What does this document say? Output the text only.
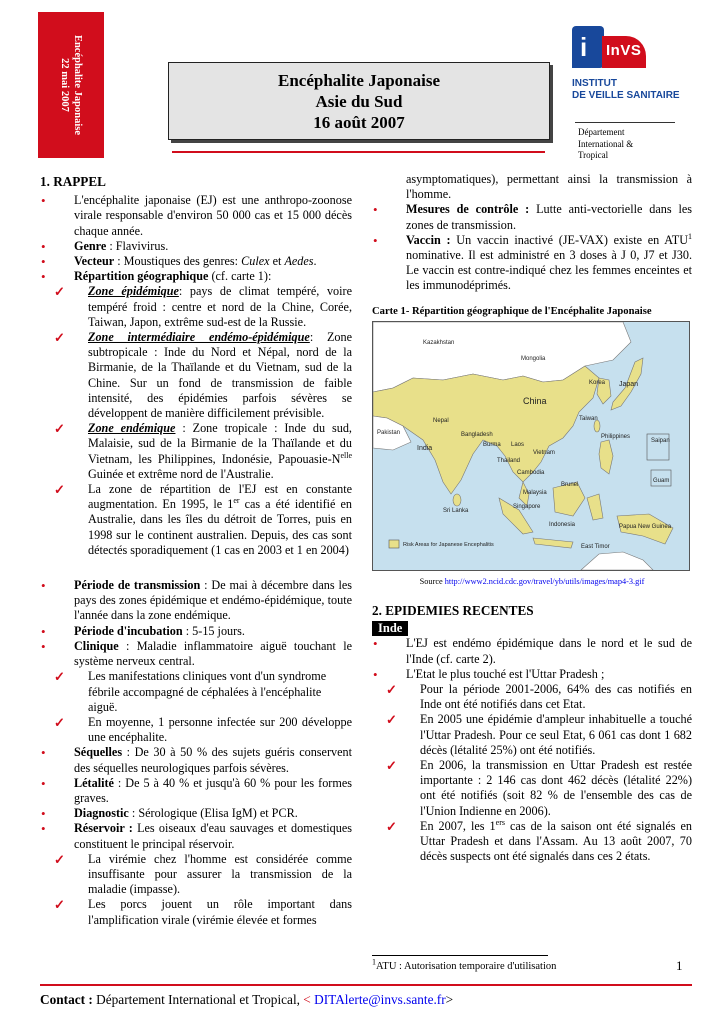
Encéphalite Japonaise
22 mai 2007	Encéphalite Japonaise
Asie du Sud
16 août 2007
i InVS
INSTITUT
DE VEILLE SANITAIRE
Département
International &
Tropical

1. RAPPEL

• L'encéphalite japonaise (EJ) est une anthropo-zoonose virale responsable d'environ 50 000 cas et 15 000 décès chaque année.

• Genre : Flavivirus.

• Vecteur : Moustiques des genres: Culex et Aedes.

• Répartition géographique (cf. carte 1):

✓ Zone épidémique: pays de climat tempéré, voire tempéré froid : centre et nord de la Chine, Corée, Taiwan, Japon, extrême sud-est de la Russie.

✓ Zone intermédiaire endémo-épidémique: Zone subtropicale : Inde du Nord et Népal, nord de la Birmanie, de la Thaïlande et du Vietnam, sud de la Chine. Sur un fond de transmission de faible intensité, des épidémies parfois sévères se développent de manière difficilement prévisible.

✓ Zone endémique : Zone tropicale : Inde du sud, Malaisie, sud de la Birmanie de la Thaïlande et du Vietnam, les Philippines, Indonésie, Papouasie-$N^{elle}$ Guinée et extrême nord de l'Australie.

✓ La zone de répartition de l'EJ est en constante augmentation. En 1995, le 1er cas a été identifié en Australie, dans les îles du détroit de Torres, puis en 1998 sur le continent australien. Depuis, des cas sont détectés sporadiquement (1 cas en 2003 et 1 en 2004)

• Période de transmission : De mai à décembre dans les pays des zones épidémique et endémo-épidémique, toute l'année dans la zone endémique.

• Période d'incubation : 5-15 jours.

• Clinique : Maladie inflammatoire aiguë touchant le système nerveux central.

✓ Les manifestations cliniques vont d'un syndrome fébrile accompagné de céphalées à l'encéphalite aiguë.

✓ En moyenne, 1 personne infectée sur 200 développe une encéphalite.

• Séquelles : De 30 à 50 % des sujets guéris conservent des séquelles neurologiques parfois sévères.

• Létalité : De 5 à 40 % et jusqu'à 60 % pour les formes graves.

• Diagnostic : Sérologique (Elisa IgM) et PCR.

• Réservoir : Les oiseaux d'eau sauvages et domestiques constituent le principal réservoir.

✓ La virémie chez l'homme est considérée comme insuffisante pour assurer la transmission de la maladie (impasse).

✓ Les porcs jouent un rôle important dans l'amplification virale (virémie élevée et formes

asymptomatiques), permettant ainsi la transmission à l'homme.

• Mesures de contrôle : Lutte anti-vectorielle dans les zones de transmission.

• Vaccin : Un vaccin inactivé (JE-VAX) existe en ATU$^1$ nominative. Il est administré en 3 doses à J 0, J7 et J30. Le vaccin est contre-indiqué chez les femmes enceintes et les immunodéprimés.

Carte 1- Répartition géographique de l'Encéphalite Japonaise

Kazakhstan
Mongolia
China
India
Japan
Pakistan
Nepal
Bangladesh
Thailand
Philippines
Vietnam
Malaysia
Indonesia
Sri Lanka
Guam
Saipan
Papua New Guinea
Korea
Taiwan
Brunei
Laos
Cambodia
Burma
Singapore
East Timor
Risk Areas for Japanese Encephalitis

Source http://www2.ncid.cdc.gov/travel/yb/utils/images/map4-3.gif

2. EPIDEMIES RECENTES

Inde

• L'EJ est endémo épidémique dans le nord et le sud de l'Inde (cf. carte 2).

• L'Etat le plus touché est l'Uttar Pradesh ;

✓ Pour la période 2001-2006, 64% des cas notifiés en Inde ont été notifiés dans cet Etat.

✓ En 2005 une épidémie d'ampleur inhabituelle a touché l'Uttar Pradesh. Pour ce seul Etat, 6 061 cas dont 1 682 décès (létalité 25%) ont été notifiés.

✓ En 2006, la transmission en Uttar Pradesh est restée importante : 2 146 cas dont 462 décès (létalité 22%) ont été notifiés (soit 82 % de l'ensemble des cas de l'Union Indienne en 2006).

✓ En 2007, les 1ers cas de la saison ont été signalés en Uttar Pradesh et dans l'Assam. Au 13 août 2007, 70 décès suspects ont été signalés dans ces 2 états.

$^1$ATU : Autorisation temporaire d'utilisation	1
Contact : Département International et Tropical, < DITAlerte@invs.sante.fr>
